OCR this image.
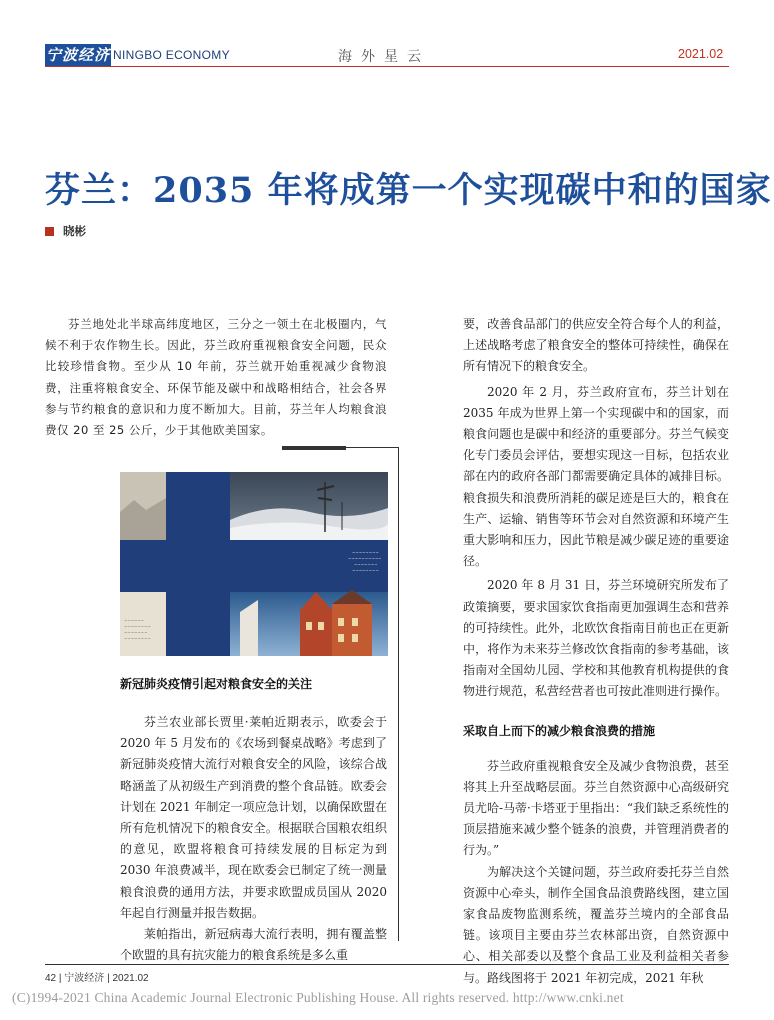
宁波经济 NINGBO ECONOMY	海外星云	2021.02
芬兰：2035 年将成第一个实现碳中和的国家
晓彬

芬兰地处北半球高纬度地区，三分之一领土在北极圈内，气候不利于农作物生长。因此，芬兰政府重视粮食安全问题，民众比较珍惜食物。至少从 10 年前，芬兰就开始重视减少食物浪费，注重将粮食安全、环保节能及碳中和战略相结合，社会各界参与节约粮食的意识和力度不断加大。目前，芬兰年人均粮食浪费仅 20 至 25 公斤，少于其他欧美国家。

~~~~~~~~
~~~~~~~~~~
~~~~~~~
~~~~~~~~
~~~~~~
~~~~~~~~
~~~~~~~
~~~~~~~~

新冠肺炎疫情引起对粮食安全的关注

芬兰农业部长贾里·莱帕近期表示，欧委会于 2020 年 5 月发布的《农场到餐桌战略》考虑到了新冠肺炎疫情大流行对粮食安全的风险，该综合战略涵盖了从初级生产到消费的整个食品链。欧委会计划在 2021 年制定一项应急计划，以确保欧盟在所有危机情况下的粮食安全。根据联合国粮农组织的意见，欧盟将粮食可持续发展的目标定为到 2030 年浪费减半，现在欧委会已制定了统一测量粮食浪费的通用方法，并要求欧盟成员国从 2020 年起自行测量并报告数据。

莱帕指出，新冠病毒大流行表明，拥有覆盖整个欧盟的具有抗灾能力的粮食系统是多么重

要，改善食品部门的供应安全符合每个人的利益，上述战略考虑了粮食安全的整体可持续性，确保在所有情况下的粮食安全。

2020 年 2 月，芬兰政府宣布，芬兰计划在 2035 年成为世界上第一个实现碳中和的国家，而粮食问题也是碳中和经济的重要部分。芬兰气候变化专门委员会评估，要想实现这一目标，包括农业部在内的政府各部门都需要确定具体的减排目标。粮食损失和浪费所消耗的碳足迹是巨大的，粮食在生产、运输、销售等环节会对自然资源和环境产生重大影响和压力，因此节粮是减少碳足迹的重要途径。

2020 年 8 月 31 日，芬兰环境研究所发布了政策摘要，要求国家饮食指南更加强调生态和营养的可持续性。此外，北欧饮食指南目前也正在更新中，将作为未来芬兰修改饮食指南的参考基础，该指南对全国幼儿园、学校和其他教育机构提供的食物进行规范，私营经营者也可按此准则进行操作。

采取自上而下的减少粮食浪费的措施

芬兰政府重视粮食安全及减少食物浪费，甚至将其上升至战略层面。芬兰自然资源中心高级研究员尤哈-马蒂·卡塔亚于里指出：“我们缺乏系统性的顶层措施来减少整个链条的浪费，并管理消费者的行为。”

为解决这个关键问题，芬兰政府委托芬兰自然资源中心牵头，制作全国食品浪费路线图，建立国家食品废物监测系统，覆盖芬兰境内的全部食品链。该项目主要由芬兰农林部出资，自然资源中心、相关部委以及整个食品工业及利益相关者参与。路线图将于 2021 年初完成，2021 年秋

42 | 宁波经济 | 2021.02
(C)1994-2021 China Academic Journal Electronic Publishing House. All rights reserved. http://www.cnki.net
